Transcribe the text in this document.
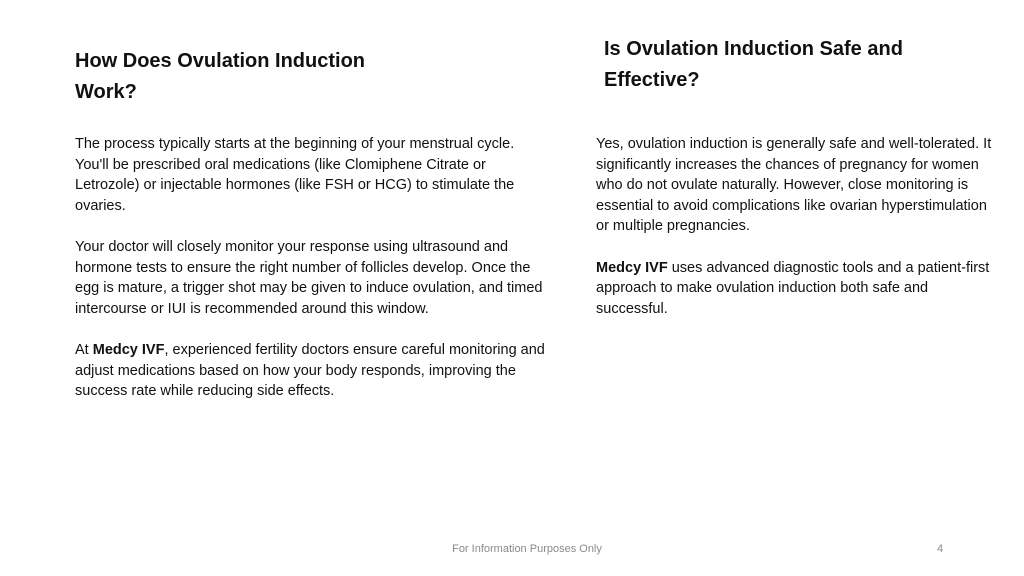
How Does Ovulation Induction Work?

The process typically starts at the beginning of your menstrual cycle. You'll be prescribed oral medications (like Clomiphene Citrate or Letrozole) or injectable hormones (like FSH or HCG) to stimulate the ovaries.

Your doctor will closely monitor your response using ultrasound and hormone tests to ensure the right number of follicles develop. Once the egg is mature, a trigger shot may be given to induce ovulation, and timed intercourse or IUI is recommended around this window.

At Medcy IVF, experienced fertility doctors ensure careful monitoring and adjust medications based on how your body responds, improving the success rate while reducing side effects.

Is Ovulation Induction Safe and Effective?

Yes, ovulation induction is generally safe and well-tolerated. It significantly increases the chances of pregnancy for women who do not ovulate naturally. However, close monitoring is essential to avoid complications like ovarian hyperstimulation or multiple pregnancies.

Medcy IVF uses advanced diagnostic tools and a patient-first approach to make ovulation induction both safe and successful.

For Information Purposes Only	4
